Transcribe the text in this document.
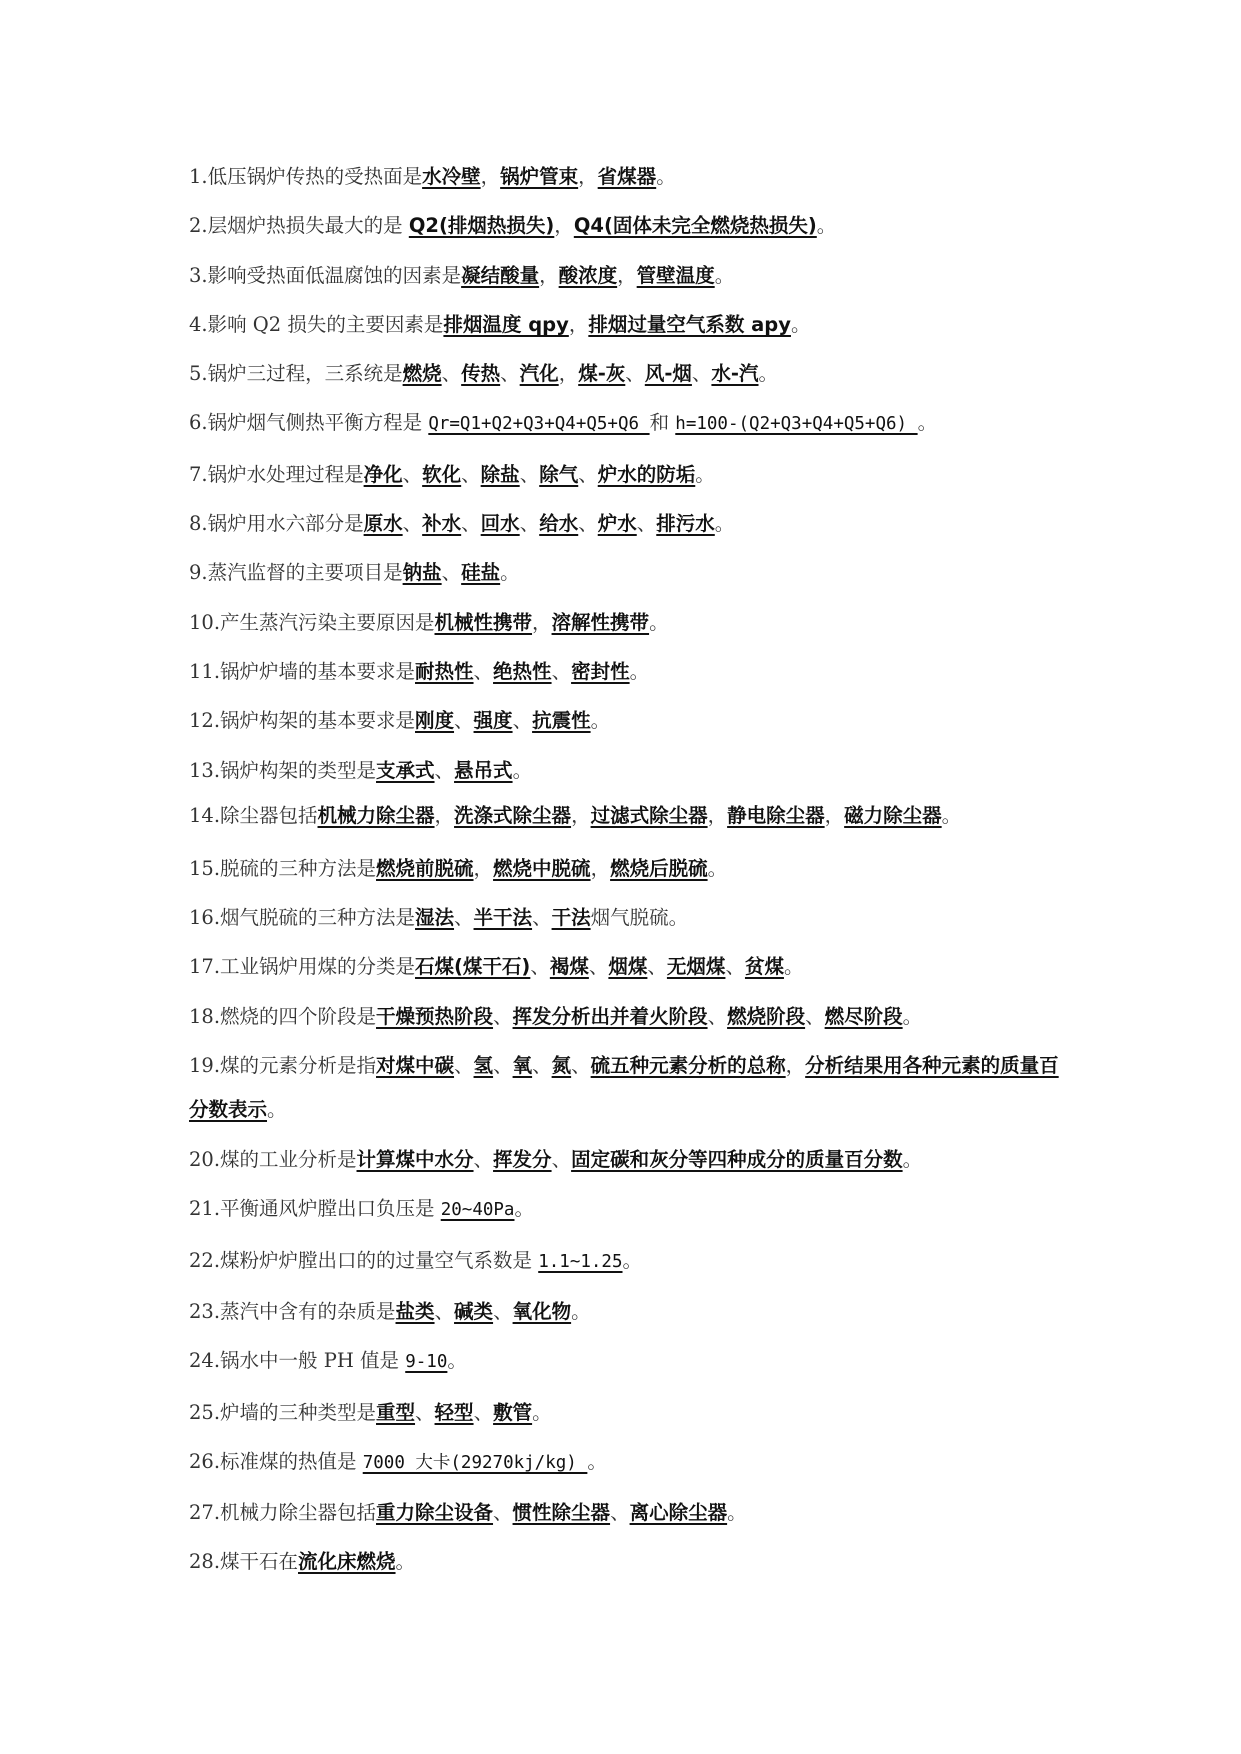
1.低压锅炉传热的受热面是水冷壁，锅炉管束，省煤器。

2.层烟炉热损失最大的是 Q2(排烟热损失)，Q4(固体未完全燃烧热损失)。

3.影响受热面低温腐蚀的因素是凝结酸量，酸浓度，管壁温度。

4.影响 Q2 损失的主要因素是排烟温度 qpy，排烟过量空气系数 apy。

5.锅炉三过程，三系统是燃烧、传热、汽化，煤-灰、风-烟、水-汽。

6.锅炉烟气侧热平衡方程是 Qr=Q1+Q2+Q3+Q4+Q5+Q6 和 h=100-(Q2+Q3+Q4+Q5+Q6) 。

7.锅炉水处理过程是净化、软化、除盐、除气、炉水的防垢。

8.锅炉用水六部分是原水、补水、回水、给水、炉水、排污水。

9.蒸汽监督的主要项目是钠盐、硅盐。

10.产生蒸汽污染主要原因是机械性携带，溶解性携带。

11.锅炉炉墙的基本要求是耐热性、绝热性、密封性。

12.锅炉构架的基本要求是刚度、强度、抗震性。

13.锅炉构架的类型是支承式、悬吊式。

14.除尘器包括机械力除尘器，洗涤式除尘器，过滤式除尘器，静电除尘器，磁力除尘器。

15.脱硫的三种方法是燃烧前脱硫，燃烧中脱硫，燃烧后脱硫。

16.烟气脱硫的三种方法是湿法、半干法、干法烟气脱硫。

17.工业锅炉用煤的分类是石煤(煤干石)、褐煤、烟煤、无烟煤、贫煤。

18.燃烧的四个阶段是干燥预热阶段、挥发分析出并着火阶段、燃烧阶段、燃尽阶段。

19.煤的元素分析是指对煤中碳、氢、氧、氮、硫五种元素分析的总称，分析结果用各种元素的质量百分数表示。

20.煤的工业分析是计算煤中水分、挥发分、固定碳和灰分等四种成分的质量百分数。

21.平衡通风炉膛出口负压是 20~40Pa。

22.煤粉炉炉膛出口的的过量空气系数是 1.1~1.25。

23.蒸汽中含有的杂质是盐类、碱类、氧化物。

24.锅水中一般 PH 值是 9-10。

25.炉墙的三种类型是重型、轻型、敷管。

26.标准煤的热值是 7000 大卡(29270kj/kg) 。

27.机械力除尘器包括重力除尘设备、惯性除尘器、离心除尘器。

28.煤干石在流化床燃烧。
